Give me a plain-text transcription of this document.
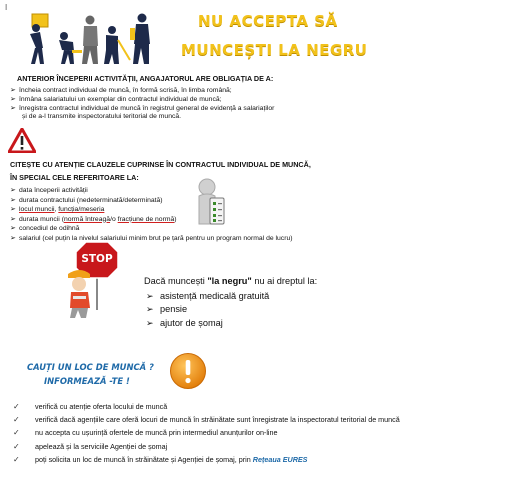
I
NU ACCEPTA SĂ
MUNCEȘTI LA NEGRU
ANTERIOR ÎNCEPERII ACTIVITĂȚII, ANGAJATORUL ARE OBLIGAȚIA DE A:
➢ încheia contract individual de muncă, în formă scrisă, în limba română;
➢ înmâna salariatului un exemplar din contractul individual de muncă;
➢ înregistra contractul individual de muncă în registrul general de evidență a salariaților
și de a-l transmite inspectoratului teritorial de muncă.
CITEȘTE CU ATENȚIE CLAUZELE CUPRINSE ÎN CONTRACTUL INDIVIDUAL DE MUNCĂ,
ÎN SPECIAL CELE REFERITOARE LA:
➢ data începerii activității
➢ durata contractului (nedeterminată/determinată)
➢ locul muncii, funcția/meseria
➢ durata muncii (normă întreagă/o fracțiune de normă)
➢ concediul de odihnă
➢ salariul (cel puțin la nivelul salariului minim brut pe țară pentru un program normal de lucru)
STOP
Dacă muncești "la negru" nu ai dreptul la:
➢ asistență medicală gratuită
➢ pensie
➢ ajutor de șomaj
CAUȚI UN LOC DE MUNCĂ ?
INFORMEAZĂ -TE !
✓ verifică cu atenție oferta locului de muncă
✓ verifică dacă agențiile care oferă locuri de muncă în străinătate sunt înregistrate la inspectoratul teritorial de muncă
✓ nu accepta cu ușurință ofertele de muncă prin intermediul anunțurilor on-line
✓ apelează și la serviciile Agenției de șomaj
✓ poți solicita un loc de muncă în străinătate și Agenției de șomaj, prin Rețeaua EURES
